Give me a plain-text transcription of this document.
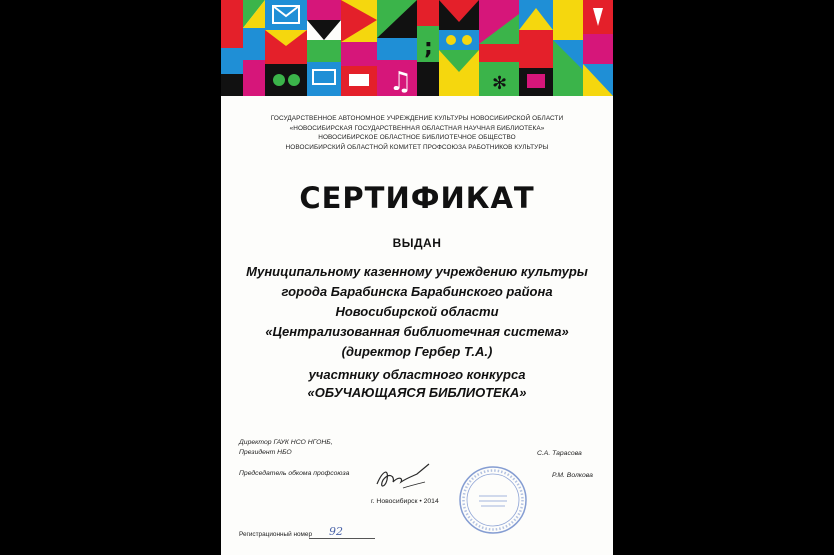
♫
;
✻
ГОСУДАРСТВЕННОЕ АВТОНОМНОЕ УЧРЕЖДЕНИЕ КУЛЬТУРЫ НОВОСИБИРСКОЙ ОБЛАСТИ
«НОВОСИБИРСКАЯ ГОСУДАРСТВЕННАЯ ОБЛАСТНАЯ НАУЧНАЯ БИБЛИОТЕКА»
НОВОСИБИРСКОЕ ОБЛАСТНОЕ БИБЛИОТЕЧНОЕ ОБЩЕСТВО
НОВОСИБИРСКИЙ ОБЛАСТНОЙ КОМИТЕТ ПРОФСОЮЗА РАБОТНИКОВ КУЛЬТУРЫ
СЕРТИФИКАТ
ВЫДАН
Муниципальному казенному учреждению культуры
города Барабинска Барабинского района
Новосибирской области
«Централизованная библиотечная система»
(директор Гербер Т.А.)
участнику областного конкурса
«ОБУЧАЮЩАЯСЯ БИБЛИОТЕКА»
Директор ГАУК НСО НГОНБ,
Президент НБО	С.А. Тарасова
Председатель обкома профсоюза	Р.М. Волкова
г. Новосибирск • 2014
Регистрационный номер 92
